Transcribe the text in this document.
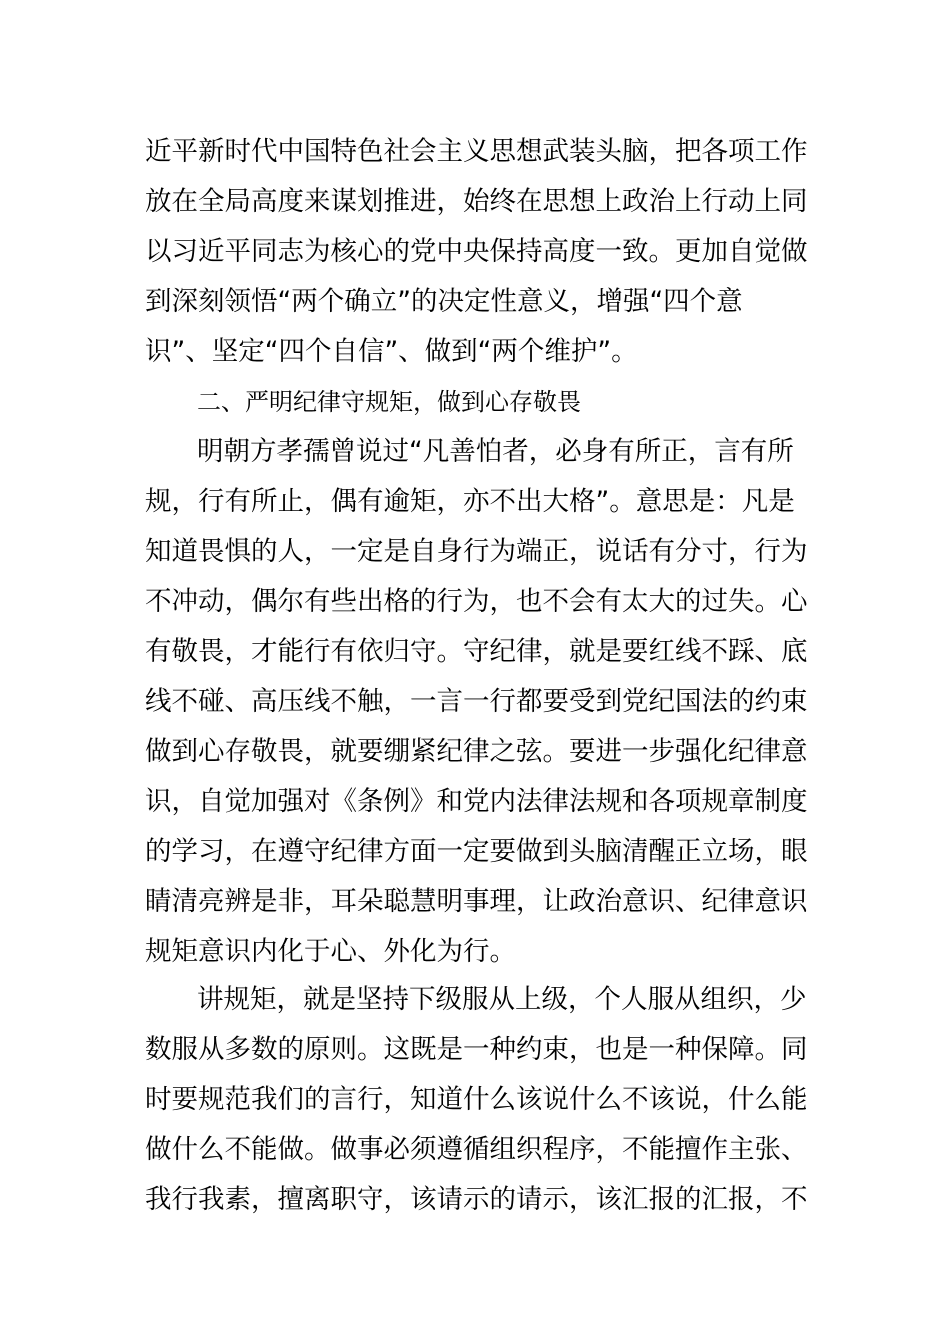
近平新时代中国特色社会主义思想武装头脑，把各项工作
放在全局高度来谋划推进，始终在思想上政治上行动上同
以习近平同志为核心的党中央保持高度一致。更加自觉做
到深刻领悟“两个确立”的决定性意义，增强“四个意
识”、坚定“四个自信”、做到“两个维护”。
二、严明纪律守规矩，做到心存敬畏
明朝方孝孺曾说过“凡善怕者，必身有所正，言有所
规，行有所止，偶有逾矩，亦不出大格”。意思是：凡是
知道畏惧的人，一定是自身行为端正，说话有分寸，行为
不冲动，偶尔有些出格的行为，也不会有太大的过失。心
有敬畏，才能行有依归守。守纪律，就是要红线不踩、底
线不碰、高压线不触，一言一行都要受到党纪国法的约束
做到心存敬畏，就要绷紧纪律之弦。要进一步强化纪律意
识，自觉加强对《条例》和党内法律法规和各项规章制度
的学习，在遵守纪律方面一定要做到头脑清醒正立场，眼
睛清亮辨是非，耳朵聪慧明事理，让政治意识、纪律意识
规矩意识内化于心、外化为行。
讲规矩，就是坚持下级服从上级，个人服从组织，少
数服从多数的原则。这既是一种约束，也是一种保障。同
时要规范我们的言行，知道什么该说什么不该说，什么能
做什么不能做。做事必须遵循组织程序，不能擅作主张、
我行我素，擅离职守，该请示的请示，该汇报的汇报，不
